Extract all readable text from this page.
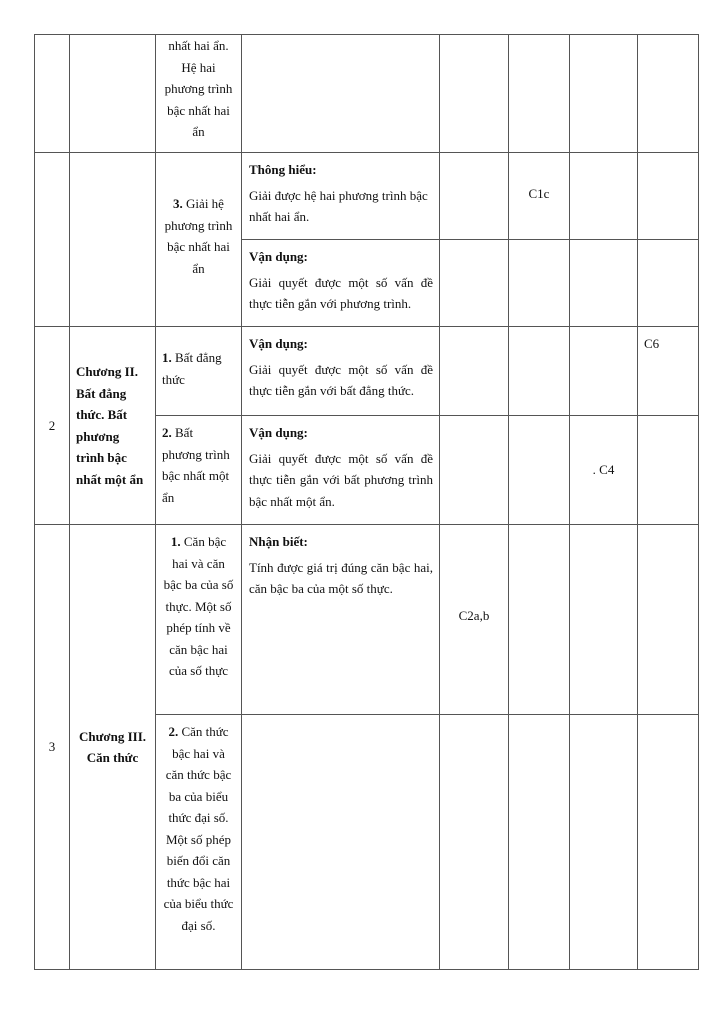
		nhất hai ẩn. Hệ hai phương trình bậc nhất hai ẩn					
		3. Giải hệ phương trình bậc nhất hai ẩn	Thông hiểu:
Giải được hệ hai phương trình bậc nhất hai ẩn.		C1c		

			Vận dụng:
Giải quyết được một số vấn đề thực tiễn gắn với phương trình.				

2	Chương II. Bất đẳng thức. Bất phương trình bậc nhất một ẩn	1. Bất đẳng thức	Vận dụng:
Giải quyết được một số vấn đề thực tiễn gắn với bất đẳng thức.				C6
		2. Bất phương trình bậc nhất một ẩn	Vận dụng:
Giải quyết được một số vấn đề thực tiễn gắn với bất phương trình bậc nhất một ẩn.			. C4	
3	Chương III. Căn thức	1. Căn bậc hai và căn bậc ba của số thực. Một số phép tính về căn bậc hai của số thực	Nhận biết:
Tính được giá trị đúng căn bậc hai, căn bậc ba của một số thực.	C2a,b			
		2. Căn thức bậc hai và căn thức bậc ba của biểu thức đại số. Một số phép biến đổi căn thức bậc hai của biểu thức đại số.					
